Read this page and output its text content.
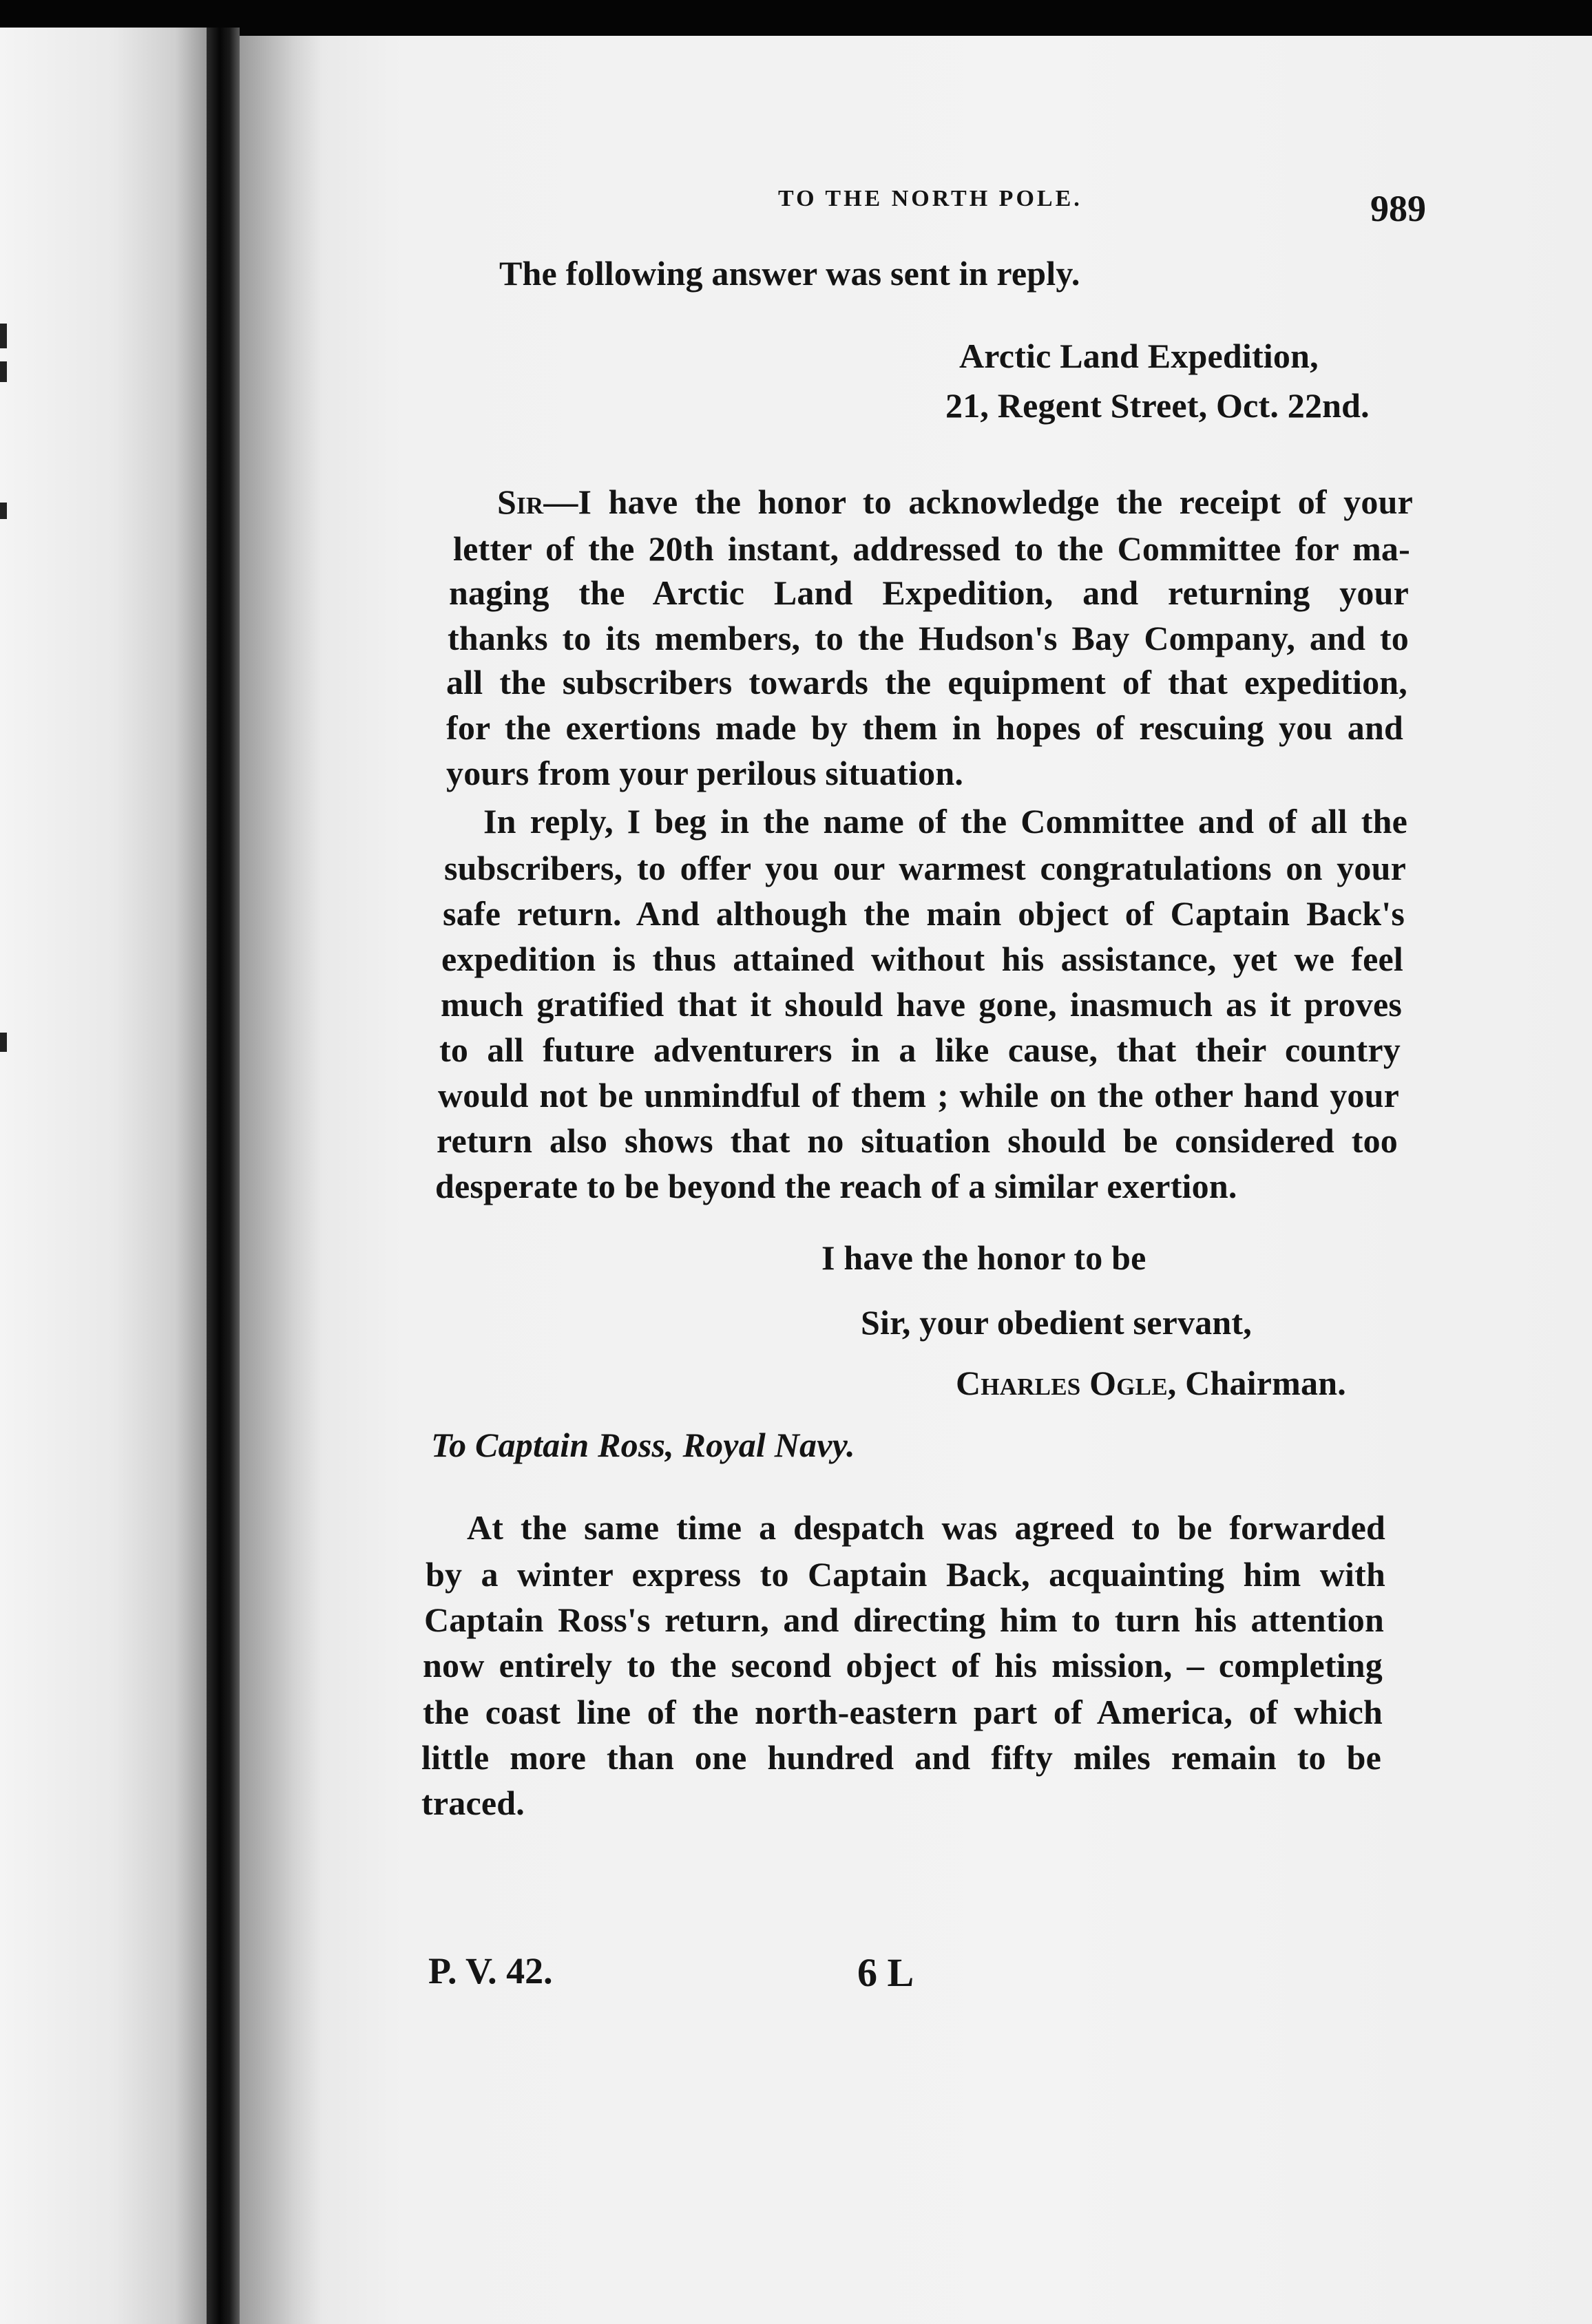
TO THE NORTH POLE.	989
The following answer was sent in reply.
Arctic Land Expedition,
21, Regent Street, Oct. 22nd.
Sir—I have the honor to acknowledge the receipt of your
letter of the 20th instant, addressed to the Committee for ma-
naging the Arctic Land Expedition, and returning your
thanks to its members, to the Hudson's Bay Company, and to
all the subscribers towards the equipment of that expedition,
for the exertions made by them in hopes of rescuing you and
yours from your perilous situation.
In reply, I beg in the name of the Committee and of all the
subscribers, to offer you our warmest congratulations on your
safe return. And although the main object of Captain Back's
expedition is thus attained without his assistance, yet we feel
much gratified that it should have gone, inasmuch as it proves
to all future adventurers in a like cause, that their country
would not be unmindful of them ; while on the other hand your
return also shows that no situation should be considered too
desperate to be beyond the reach of a similar exertion.
I have the honor to be
Sir, your obedient servant,
Charles Ogle, Chairman.
To Captain Ross, Royal Navy.
At the same time a despatch was agreed to be forwarded
by a winter express to Captain Back, acquainting him with
Captain Ross's return, and directing him to turn his attention
now entirely to the second object of his mission, – completing
the coast line of the north-eastern part of America, of which
little more than one hundred and fifty miles remain to be
traced.
P. V. 42.	6 L
